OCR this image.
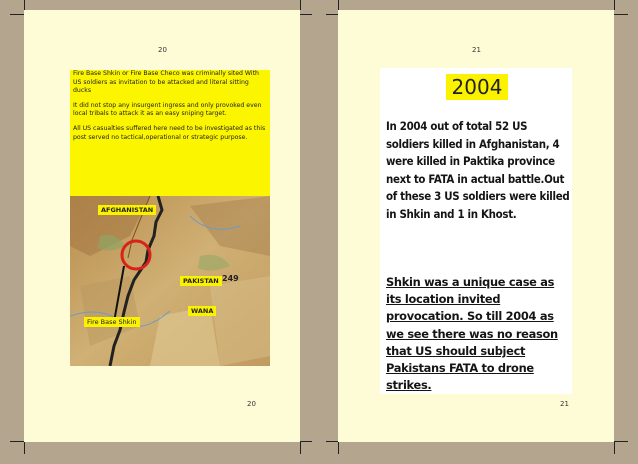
20

Fire Base Shkin or Fire Base Checo was criminally sited With US soldiers as invitation to be attacked and literal sitting ducks

It did not stop any insurgent ingress and only provoked even local tribals to attack it as an easy sniping target.

All US casualties suffered here need to be investigated as this post served no tactical,operational or strategic purpose.

AFGHANISTAN
PAKISTAN 249
WANA
Fire Base Shkin
20
21
2004
In 2004 out of total 52 US soldiers killed in Afghanistan, 4 were killed in Paktika province next to FATA in actual battle.Out of these 3 US soldiers were killed in Shkin and 1 in Khost.
Shkin was a unique case as its location invited provocation. So till 2004 as we see there was no reason that US should subject Pakistans FATA to drone strikes.
21
